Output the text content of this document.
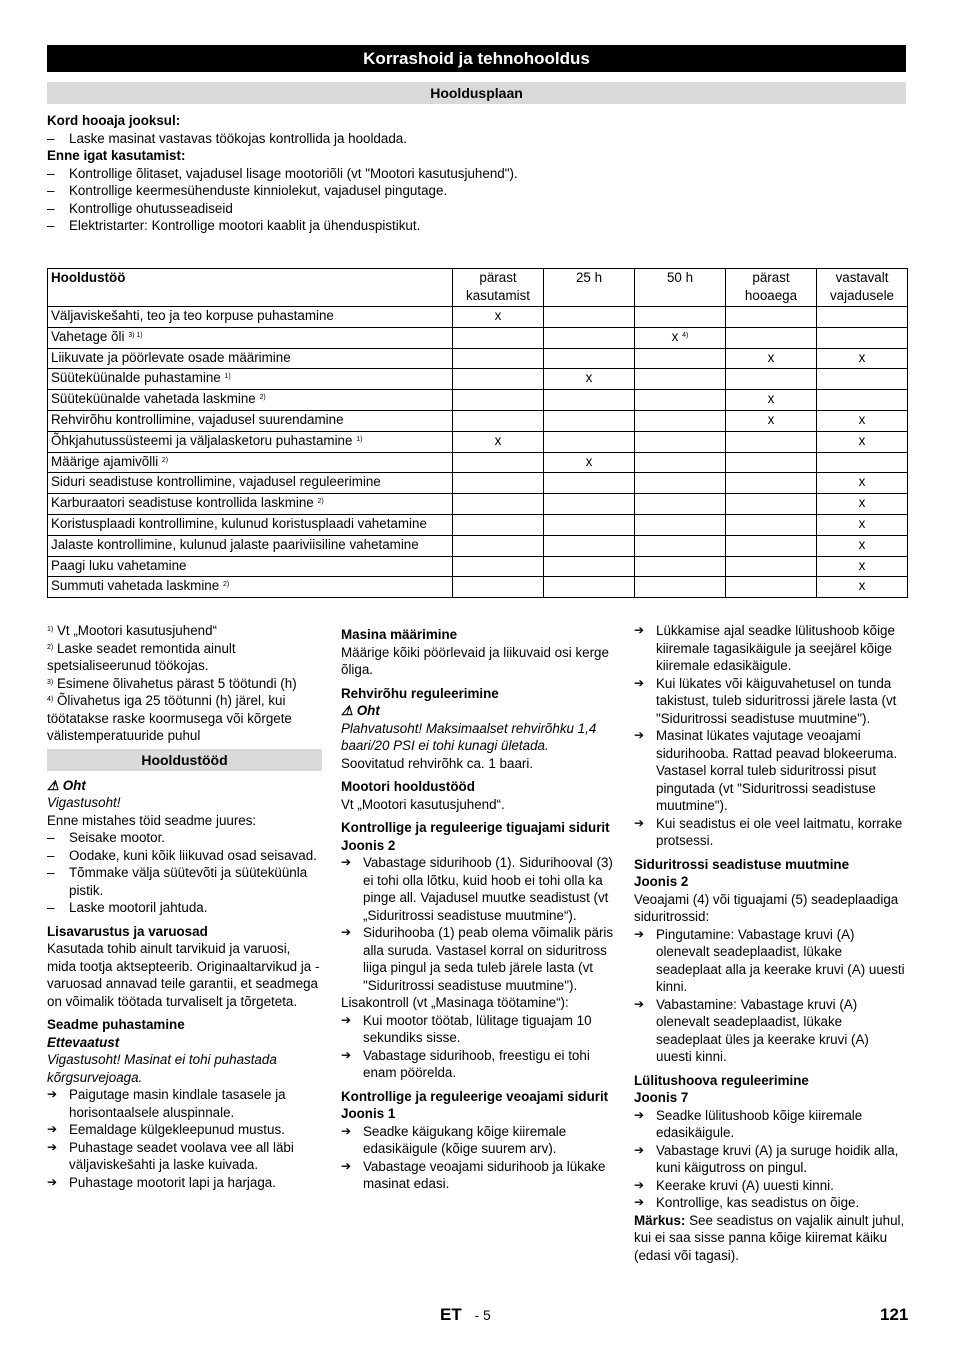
Korrashoid ja tehnohooldus
Hooldusplaan
Kord hooaja jooksul:
– Laske masinat vastavas töökojas kontrollida ja hooldada.
Enne igat kasutamist:
– Kontrollige õlitaset, vajadusel lisage mootoriõli (vt "Mootori kasutusjuhend").
– Kontrollige keermesühenduste kinniolekut, vajadusel pingutage.
– Kontrollige ohutusseadiseid
– Elektristarter: Kontrollige mootori kaablit ja ühenduspistikut.
Hooldustöö	pärast kasutamist	25 h	50 h	pärast hooaega	vastavalt vajadusele
Väljaviskešahti, teo ja teo korpuse puhastamine	x				
Vahetage õli $^{3) 1)}$			x $^{4)}$		
Liikuvate ja pöörlevate osade määrimine				x	x
Süüteküünalde puhastamine $^{1)}$		x			
Süüteküünalde vahetada laskmine $^{2)}$				x	
Rehvirõhu kontrollimine, vajadusel suurendamine				x	x
Õhkjahutussüsteemi ja väljalasketoru puhastamine $^{1)}$	x				x
Määrige ajamivõlli $^{2)}$		x			
Siduri seadistuse kontrollimine, vajadusel reguleerimine					x
Karburaatori seadistuse kontrollida laskmine $^{2)}$					x
Koristusplaadi kontrollimine, kulunud koristusplaadi vahetamine					x
Jalaste kontrollimine, kulunud jalaste paariviisiline vahetamine					x
Paagi luku vahetamine					x
Summuti vahetada laskmine $^{2)}$					x
$^{1)}$ Vt „Mootori kasutusjuhend“
$^{2)}$ Laske seadet remontida ainult spetsialiseerunud töökojas.
$^{3)}$ Esimene õlivahetus pärast 5 töötundi (h)
$^{4)}$ Õlivahetus iga 25 töötunni (h) järel, kui töötatakse raske koormusega või kõrgete välistemperatuuride puhul
Hooldustööd
⚠ Oht
Vigastusoht!
Enne mistahes töid seadme juures:
– Seisake mootor.
– Oodake, kuni kõik liikuvad osad seisavad.
– Tõmmake välja süütevõti ja süüteküünla pistik.
– Laske mootoril jahtuda.
Lisavarustus ja varuosad
Kasutada tohib ainult tarvikuid ja varuosi, mida tootja aktsepteerib. Originaaltarvikud ja -varuosad annavad teile garantii, et seadmega on võimalik töötada turvaliselt ja tõrgeteta.
Seadme puhastamine
Ettevaatust
Vigastusoht! Masinat ei tohi puhastada kõrgsurvejoaga.
➔ Paigutage masin kindlale tasasele ja horisontaalsele aluspinnale.
➔ Eemaldage külgekleepunud mustus.
➔ Puhastage seadet voolava vee all läbi väljaviskešahti ja laske kuivada.
➔ Puhastage mootorit lapi ja harjaga.
Masina määrimine
Määrige kõiki pöörlevaid ja liikuvaid osi kerge õliga.
Rehvirõhu reguleerimine
⚠ Oht
Plahvatusoht! Maksimaalset rehvirõhku 1,4 baari/20 PSI ei tohi kunagi ületada.
Soovitatud rehvirõhk ca. 1 baari.
Mootori hooldustööd
Vt „Mootori kasutusjuhend“.
Kontrollige ja reguleerige tiguajami sidurit
Joonis 2
➔ Vabastage sidurihoob (1). Sidurihooval (3) ei tohi olla lõtku, kuid hoob ei tohi olla ka pinge all. Vajadusel muutke seadistust (vt „Siduritrossi seadistuse muutmine“).
➔ Sidurihooba (1) peab olema võimalik päris alla suruda. Vastasel korral on siduritross liiga pingul ja seda tuleb järele lasta (vt "Siduritrossi seadistuse muutmine").
Lisakontroll (vt „Masinaga töötamine“):
➔ Kui mootor töötab, lülitage tiguajam 10 sekundiks sisse.
➔ Vabastage sidurihoob, freestigu ei tohi enam pöörelda.
Kontrollige ja reguleerige veoajami sidurit
Joonis 1
➔ Seadke käigukang kõige kiiremale edasikäigule (kõige suurem arv).
➔ Vabastage veoajami sidurihoob ja lükake masinat edasi.
➔ Lükkamise ajal seadke lülitushoob kõige kiiremale tagasikäigule ja seejärel kõige kiiremale edasikäigule.
➔ Kui lükates või käiguvahetusel on tunda takistust, tuleb siduritrossi järele lasta (vt "Siduritrossi seadistuse muutmine").
➔ Masinat lükates vajutage veoajami sidurihooba. Rattad peavad blokeeruma. Vastasel korral tuleb siduritrossi pisut pingutada (vt "Siduritrossi seadistuse muutmine").
➔ Kui seadistus ei ole veel laitmatu, korrake protsessi.
Siduritrossi seadistuse muutmine
Joonis 2
Veoajami (4) või tiguajami (5) seadeplaadiga siduritrossid:
➔ Pingutamine: Vabastage kruvi (A) olenevalt seadeplaadist, lükake seadeplaat alla ja keerake kruvi (A) uuesti kinni.
➔ Vabastamine: Vabastage kruvi (A) olenevalt seadeplaadist, lükake seadeplaat üles ja keerake kruvi (A) uuesti kinni.
Lülitushoova reguleerimine
Joonis 7
➔ Seadke lülitushoob kõige kiiremale edasikäigule.
➔ Vabastage kruvi (A) ja suruge hoidik alla, kuni käigutross on pingul.
➔ Keerake kruvi (A) uuesti kinni.
➔ Kontrollige, kas seadistus on õige.
Märkus: See seadistus on vajalik ainult juhul, kui ei saa sisse panna kõige kiiremat käiku (edasi või tagasi).
ET - 5	121
